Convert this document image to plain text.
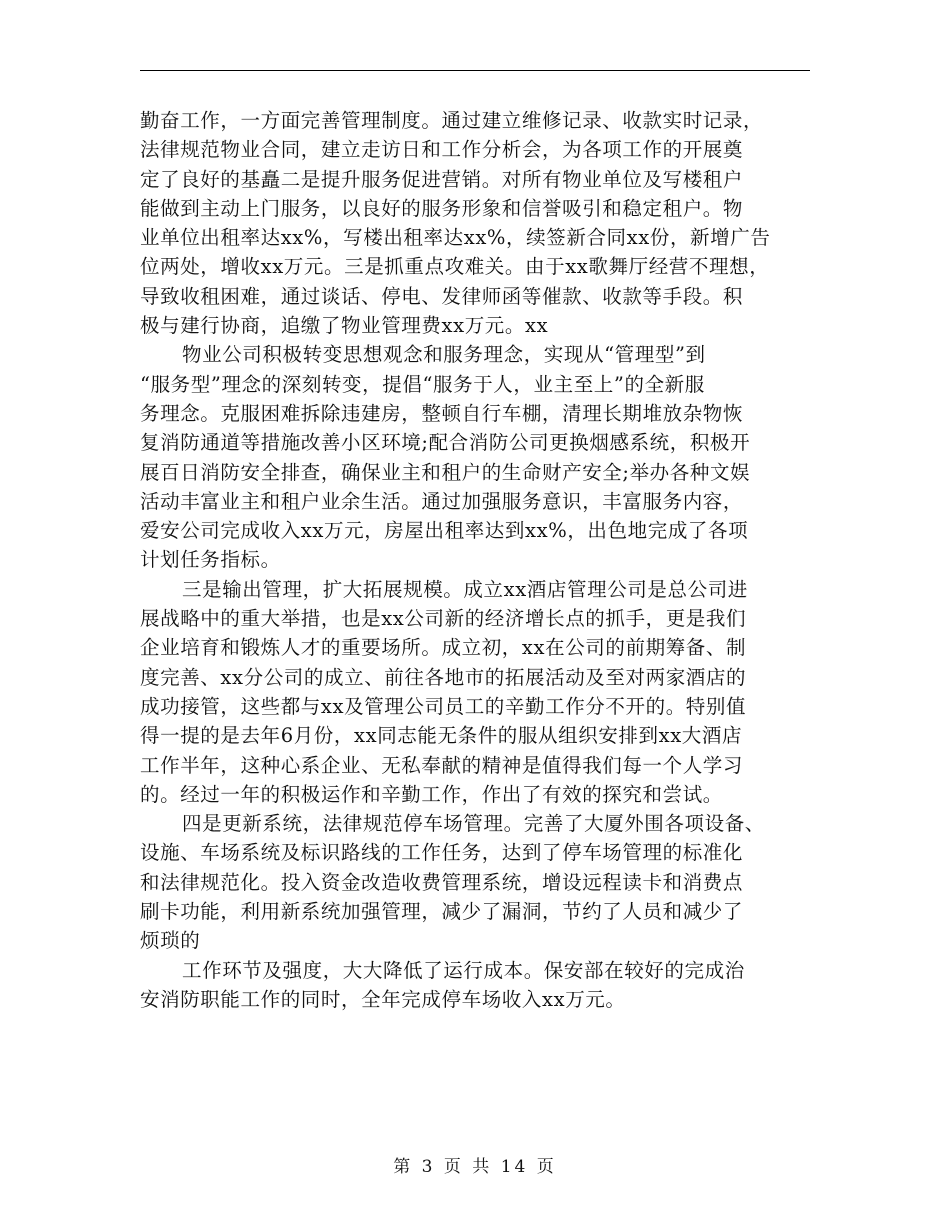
勤奋工作，一方面完善管理制度。通过建立维修记录、收款实时记录，
法律规范物业合同，建立走访日和工作分析会，为各项工作的开展奠
定了良好的基矗二是提升服务促进营销。对所有物业单位及写楼租户
能做到主动上门服务，以良好的服务形象和信誉吸引和稳定租户。物
业单位出租率达xx%，写楼出租率达xx%，续签新合同xx份，新增广告
位两处，增收xx万元。三是抓重点攻难关。由于xx歌舞厅经营不理想，
导致收租困难，通过谈话、停电、发律师函等催款、收款等手段。积
极与建行协商，追缴了物业管理费xx万元。xx
物业公司积极转变思想观念和服务理念，实现从“管理型”到
“服务型”理念的深刻转变，提倡“服务于人，业主至上”的全新服
务理念。克服困难拆除违建房，整顿自行车棚，清理长期堆放杂物恢
复消防通道等措施改善小区环境;配合消防公司更换烟感系统，积极开
展百日消防安全排查，确保业主和租户的生命财产安全;举办各种文娱
活动丰富业主和租户业余生活。通过加强服务意识，丰富服务内容，
爱安公司完成收入xx万元，房屋出租率达到xx%，出色地完成了各项
计划任务指标。
三是输出管理，扩大拓展规模。成立xx酒店管理公司是总公司进
展战略中的重大举措，也是xx公司新的经济增长点的抓手，更是我们
企业培育和锻炼人才的重要场所。成立初，xx在公司的前期筹备、制
度完善、xx分公司的成立、前往各地市的拓展活动及至对两家酒店的
成功接管，这些都与xx及管理公司员工的辛勤工作分不开的。特别值
得一提的是去年6月份，xx同志能无条件的服从组织安排到xx大酒店
工作半年，这种心系企业、无私奉献的精神是值得我们每一个人学习
的。经过一年的积极运作和辛勤工作，作出了有效的探究和尝试。
四是更新系统，法律规范停车场管理。完善了大厦外围各项设备、
设施、车场系统及标识路线的工作任务，达到了停车场管理的标准化
和法律规范化。投入资金改造收费管理系统，增设远程读卡和消费点
刷卡功能，利用新系统加强管理，减少了漏洞，节约了人员和减少了
烦琐的
工作环节及强度，大大降低了运行成本。保安部在较好的完成治
安消防职能工作的同时，全年完成停车场收入xx万元。
第 3 页 共 14 页
